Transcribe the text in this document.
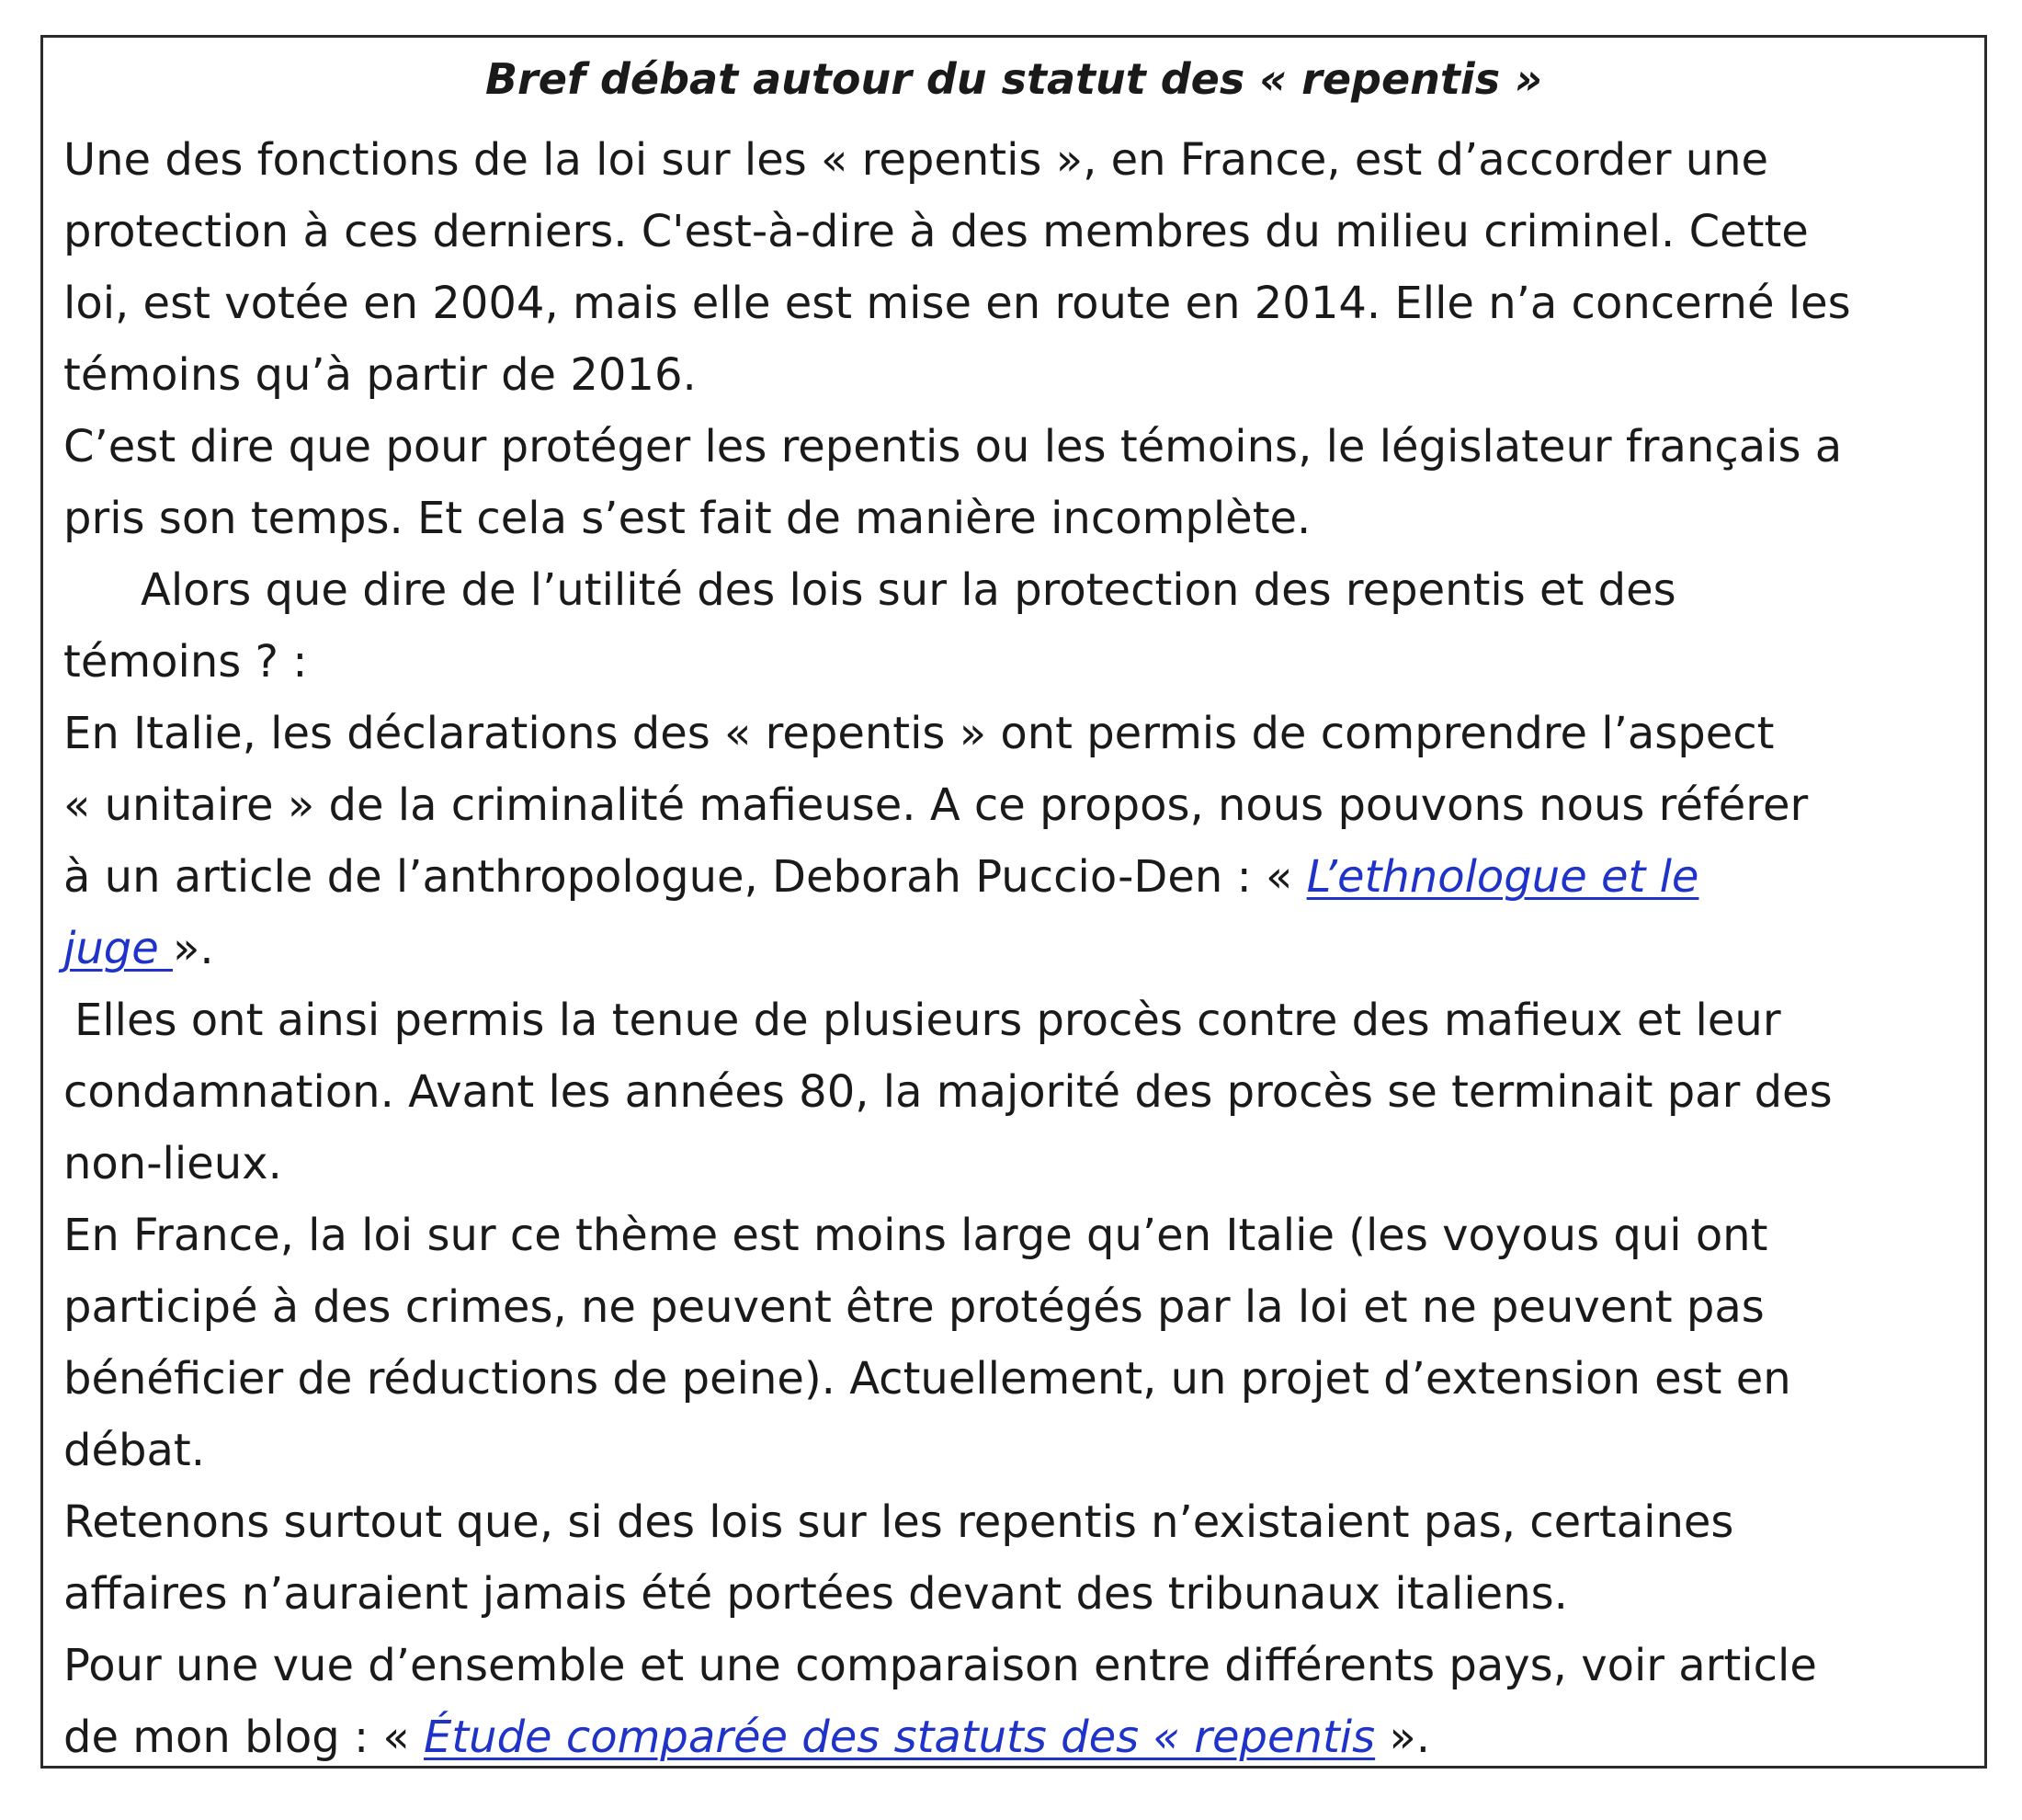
Bref débat autour du statut des « repentis »
Une des fonctions de la loi sur les « repentis », en France, est d’accorder une
protection à ces derniers. C'est-à-dire à des membres du milieu criminel. Cette
loi, est votée en 2004, mais elle est mise en route en 2014. Elle n’a concerné les
témoins qu’à partir de 2016.
C’est dire que pour protéger les repentis ou les témoins, le législateur français a
pris son temps. Et cela s’est fait de manière incomplète.
Alors que dire de l’utilité des lois sur la protection des repentis et des
témoins ? :
En Italie, les déclarations des « repentis » ont permis de comprendre l’aspect
« unitaire » de la criminalité mafieuse. A ce propos, nous pouvons nous référer
à un article de l’anthropologue, Deborah Puccio-Den : « L’ethnologue et le
juge ».
Elles ont ainsi permis la tenue de plusieurs procès contre des mafieux et leur
condamnation. Avant les années 80, la majorité des procès se terminait par des
non-lieux.
En France, la loi sur ce thème est moins large qu’en Italie (les voyous qui ont
participé à des crimes, ne peuvent être protégés par la loi et ne peuvent pas
bénéficier de réductions de peine). Actuellement, un projet d’extension est en
débat.
Retenons surtout que, si des lois sur les repentis n’existaient pas, certaines
affaires n’auraient jamais été portées devant des tribunaux italiens.
Pour une vue d’ensemble et une comparaison entre différents pays, voir article
de mon blog : « Étude comparée des statuts des « repentis ».
